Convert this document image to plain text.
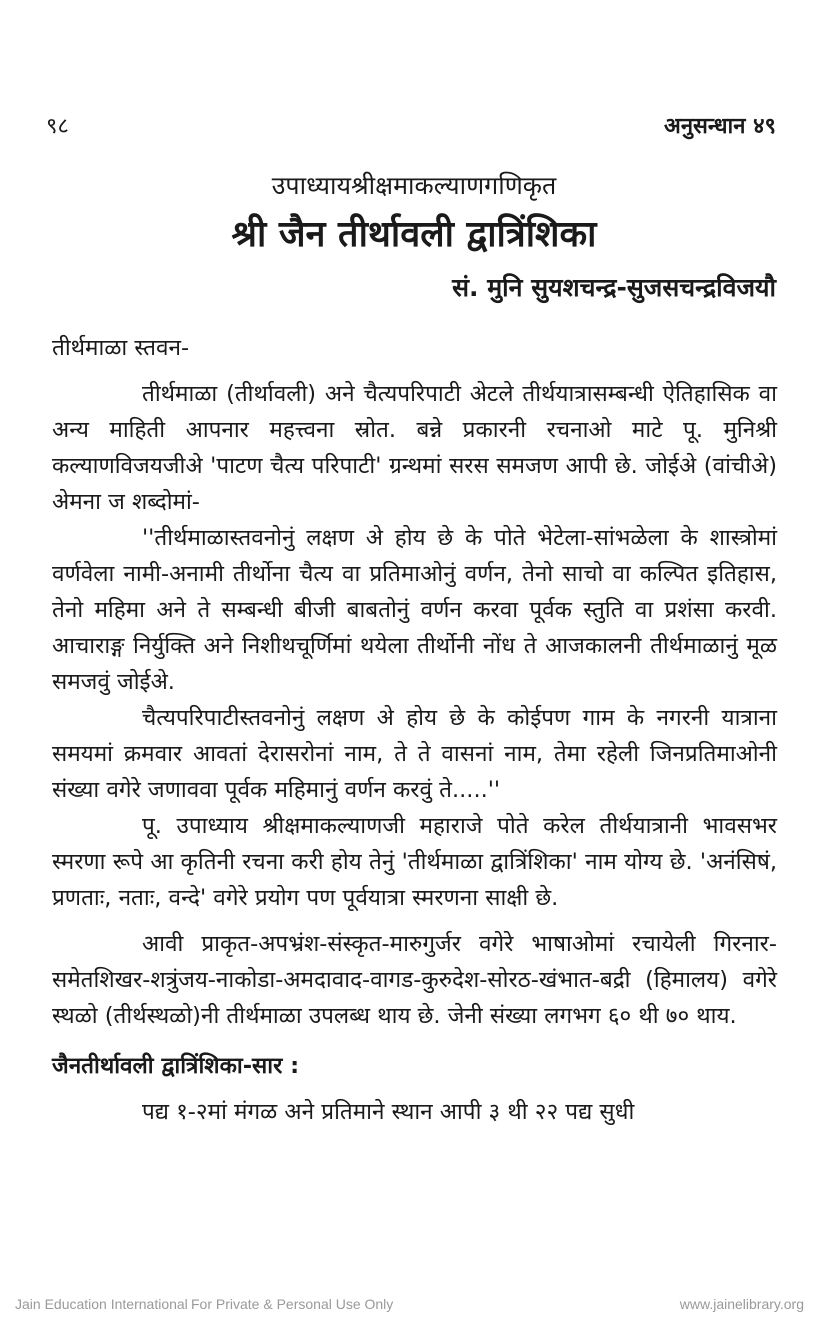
९८	अनुसन्धान ४९
उपाध्यायश्रीक्षमाकल्याणगणिकृत
श्री जैन तीर्थावली द्वात्रिंशिका
सं. मुनि सुयशचन्द्र-सुजसचन्द्रविजयौ

तीर्थमाळा स्तवन-

तीर्थमाळा (तीर्थावली) अने चैत्यपरिपाटी अेटले तीर्थयात्रासम्बन्धी ऐतिहासिक वा अन्य माहिती आपनार महत्त्वना स्रोत. बन्ने प्रकारनी रचनाओ माटे पू. मुनिश्री कल्याणविजयजीअे 'पाटण चैत्य परिपाटी' ग्रन्थमां सरस समजण आपी छे. जोईअे (वांचीअे) अेमना ज शब्दोमां-

''तीर्थमाळास्तवनोनुं लक्षण अे होय छे के पोते भेटेला-सांभळेला के शास्त्रोमां वर्णवेला नामी-अनामी तीर्थोना चैत्य वा प्रतिमाओनुं वर्णन, तेनो साचो वा कल्पित इतिहास, तेनो महिमा अने ते सम्बन्धी बीजी बाबतोनुं वर्णन करवा पूर्वक स्तुति वा प्रशंसा करवी. आचाराङ्ग निर्युक्ति अने निशीथचूर्णिमां थयेला तीर्थोनी नोंध ते आजकालनी तीर्थमाळानुं मूळ समजवुं जोईअे.

चैत्यपरिपाटीस्तवनोनुं लक्षण अे होय छे के कोईपण गाम के नगरनी यात्राना समयमां क्रमवार आवतां देरासरोनां नाम, ते ते वासनां नाम, तेमा रहेली जिनप्रतिमाओनी संख्या वगेरे जणाववा पूर्वक महिमानुं वर्णन करवुं ते.....''

पू. उपाध्याय श्रीक्षमाकल्याणजी महाराजे पोते करेल तीर्थयात्रानी भावसभर स्मरणा रूपे आ कृतिनी रचना करी होय तेनुं 'तीर्थमाळा द्वात्रिंशिका' नाम योग्य छे. 'अनंसिषं, प्रणताः, नताः, वन्दे' वगेरे प्रयोग पण पूर्वयात्रा स्मरणना साक्षी छे.

आवी प्राकृत-अपभ्रंश-संस्कृत-मारुगुर्जर वगेरे भाषाओमां रचायेली गिरनार-समेतशिखर-शत्रुंजय-नाकोडा-अमदावाद-वागड-कुरुदेश-सोरठ-खंभात-बद्री (हिमालय) वगेरे स्थळो (तीर्थस्थळो)नी तीर्थमाळा उपलब्ध थाय छे. जेनी संख्या लगभग ६० थी ७० थाय.

जैनतीर्थावली द्वात्रिंशिका-सार :

पद्य १-२मां मंगळ अने प्रतिमाने स्थान आपी ३ थी २२ पद्य सुधी

Jain Education International For Private & Personal Use Only	www.jainelibrary.org
